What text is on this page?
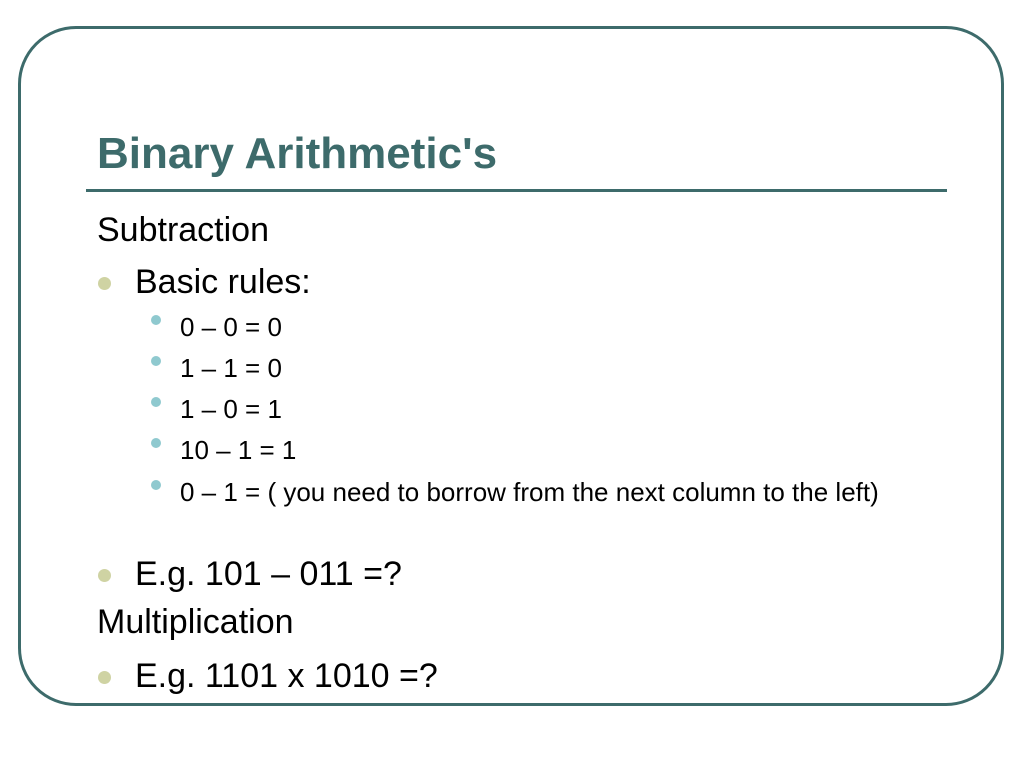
Binary Arithmetic's
Subtraction
Basic rules:
0 – 0 = 0
1 – 1 = 0
1 – 0 = 1
10 – 1 = 1
0 – 1 = ( you need to borrow from the next column to the left)
E.g. 101 – 011 =?
Multiplication
E.g. 1101 x 1010 =?
